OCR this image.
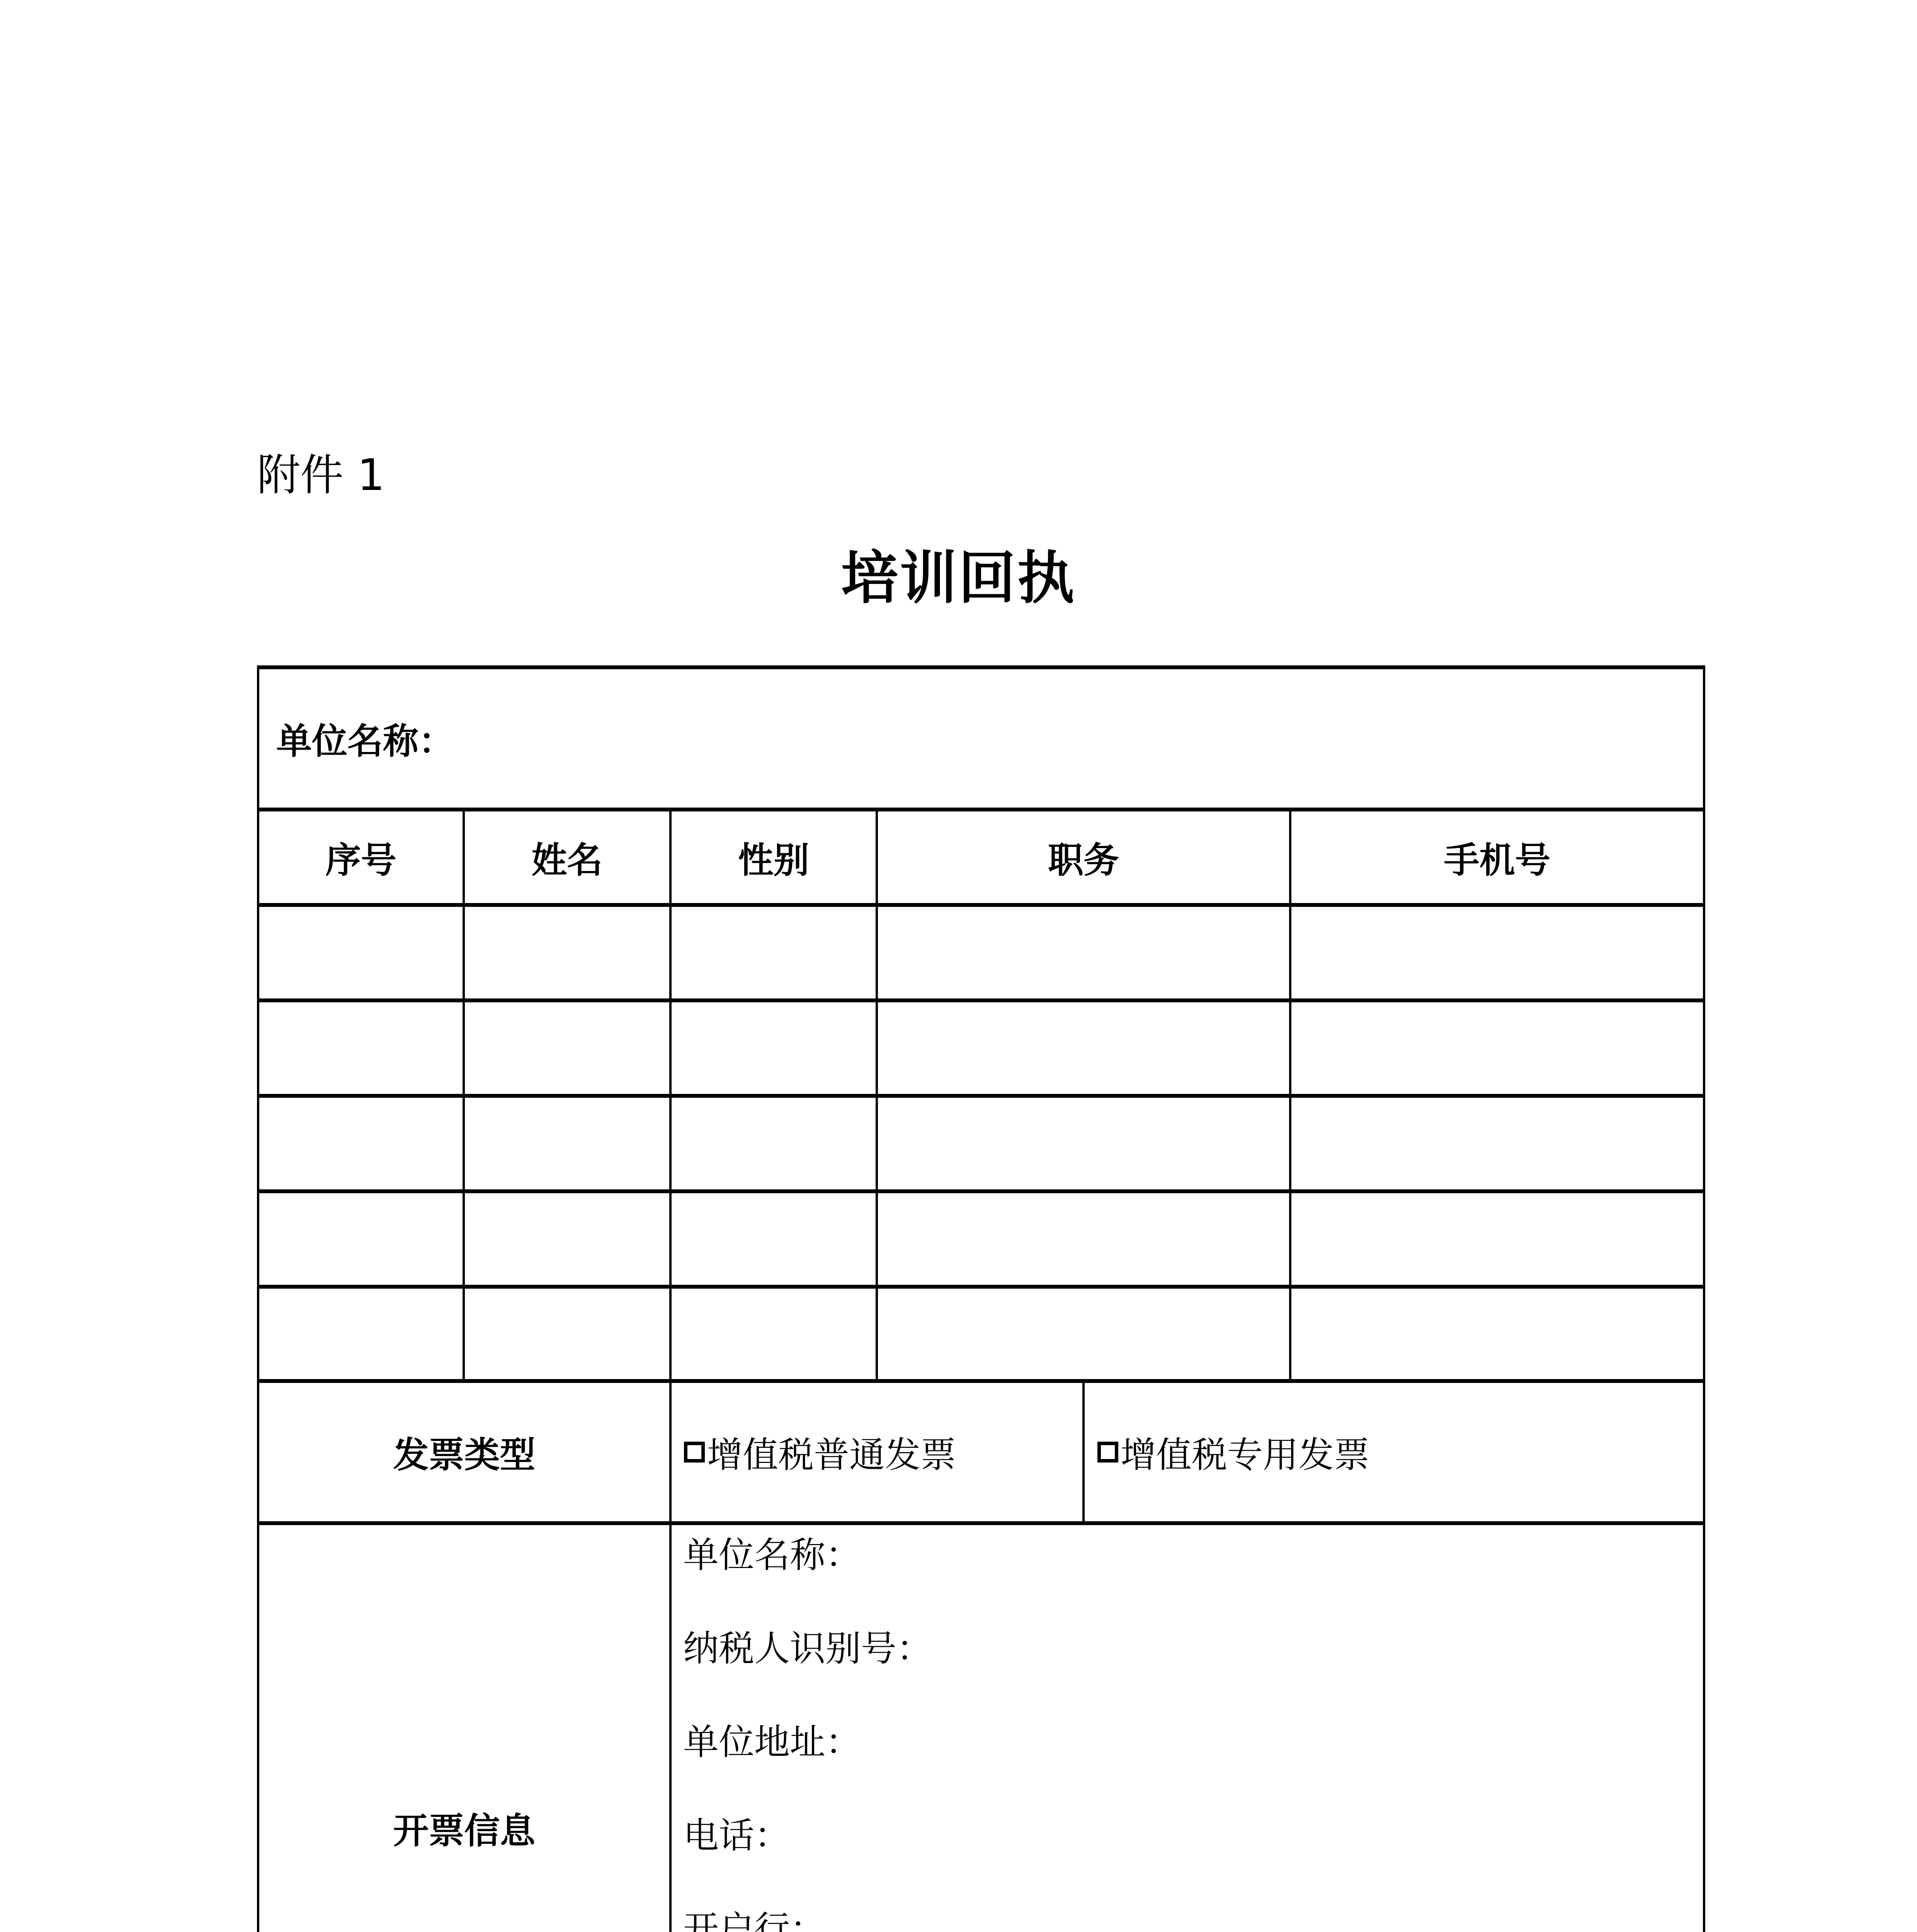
附件 1
培训回执
单位名称：
序号	姓名	性别	职务	手机号
发票类型	增值税普通发票	增值税专用发票
开票信息
单位名称：
纳税人识别号：
单位地址：
电话：
开户行：
